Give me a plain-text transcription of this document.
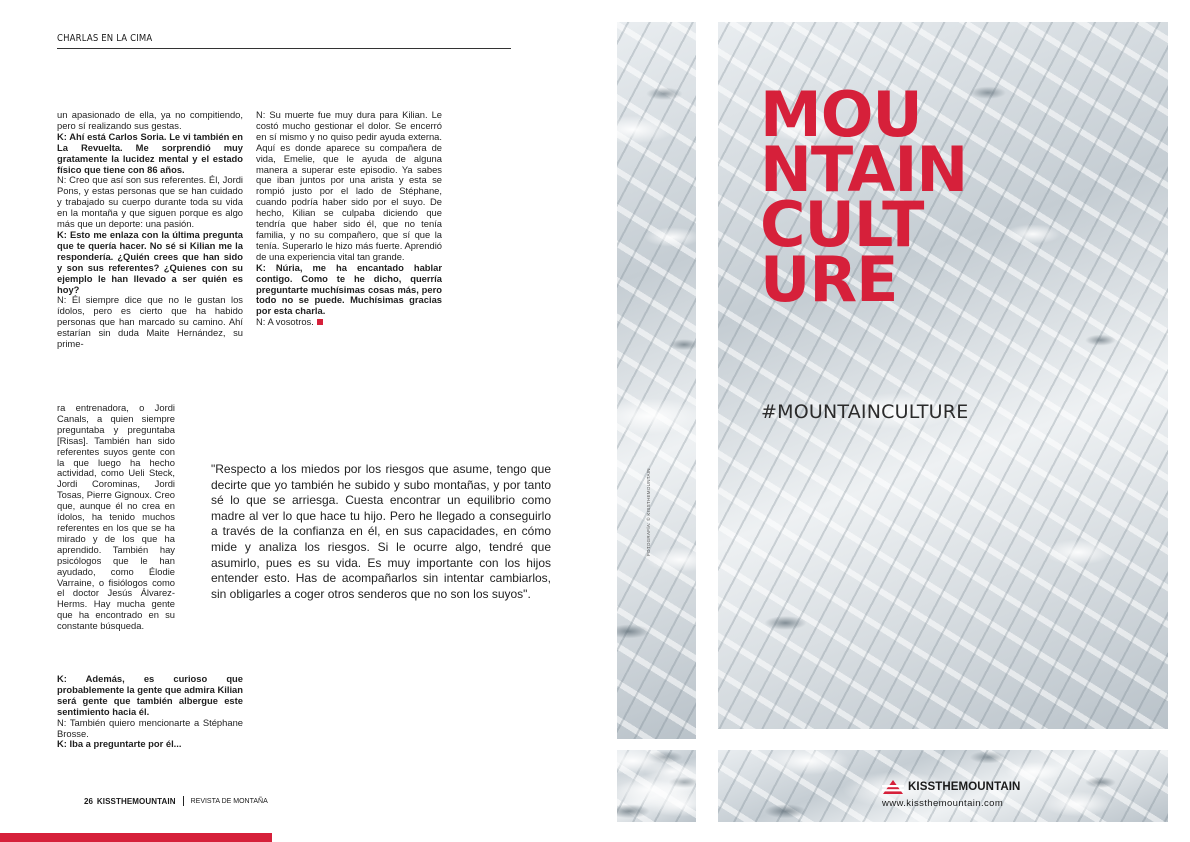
CHARLAS EN LA CIMA

un apasionado de ella, ya no compitiendo, pero sí realizando sus gestas.

K: Ahí está Carlos Soria. Le vi también en La Revuelta. Me sorprendió muy gratamente la lucidez mental y el estado físico que tiene con 86 años.

N: Creo que así son sus referentes. Él, Jordi Pons, y estas personas que se han cuidado y trabajado su cuerpo durante toda su vida en la montaña y que siguen porque es algo más que un deporte: una pasión.

K: Esto me enlaza con la última pregunta que te quería hacer. No sé si Kilian me la respondería. ¿Quién crees que han sido y son sus referentes? ¿Quienes con su ejemplo le han llevado a ser quién es hoy?

N: Él siempre dice que no le gustan los ídolos, pero es cierto que ha habido personas que han marcado su camino. Ahí estarían sin duda Maite Hernández, su prime-

ra entrenadora, o Jordi Canals, a quien siempre preguntaba y preguntaba [Risas]. También han sido referentes suyos gente con la que luego ha hecho actividad, como Ueli Steck, Jordi Corominas, Jordi Tosas, Pierre Gignoux. Creo que, aunque él no crea en ídolos, ha tenido muchos referentes en los que se ha mirado y de los que ha aprendido. También hay psicólogos que le han ayudado, como Élodie Varraine, o fisiólogos como el doctor Jesús Álvarez-Herms. Hay mucha gente que ha encontrado en su constante búsqueda.

K: Además, es curioso que probablemente la gente que admira Kilian será gente que también albergue este sentimiento hacia él.

N: También quiero mencionarte a Stéphane Brosse.

K: Iba a preguntarte por él...

N: Su muerte fue muy dura para Kilian. Le costó mucho gestionar el dolor. Se encerró en sí mismo y no quiso pedir ayuda externa. Aquí es donde aparece su compañera de vida, Emelie, que le ayuda de alguna manera a superar este episodio. Ya sabes que iban juntos por una arista y esta se rompió justo por el lado de Stéphane, cuando podría haber sido por el suyo. De hecho, Kilian se culpaba diciendo que tendría que haber sido él, que no tenía familia, y no su compañero, que sí que la tenía. Superarlo le hizo más fuerte. Aprendió de una experiencia vital tan grande.

K: Núria, me ha encantado hablar contigo. Como te he dicho, querría preguntarte muchísimas cosas más, pero todo no se puede. Muchísimas gracias por esta charla.

N: A vosotros.

"Respecto a los miedos por los riesgos que asume, tengo que decirte que yo también he subido y subo montañas, y por tanto sé lo que se arriesga. Cuesta encontrar un equilibrio como madre al ver lo que hace tu hijo. Pero he llegado a conseguirlo a través de la confianza en él, en sus capacidades, en cómo mide y analiza los riesgos. Si le ocurre algo, tendré que asumirlo, pues es su vida. Es muy importante con los hijos entender esto. Has de acompañarlos sin intentar cambiarlos, sin obligarles a coger otros senderos que no son los suyos".
26 KISSTHEMOUNTAIN REVISTA DE MONTAÑA
FOTOGRAFÍA: © KISSTHEMOUNTAIN
MOU
NTAIN
CULT
URE
#MOUNTAINCULTURE
KISSTHEMOUNTAIN
www.kissthemountain.com
